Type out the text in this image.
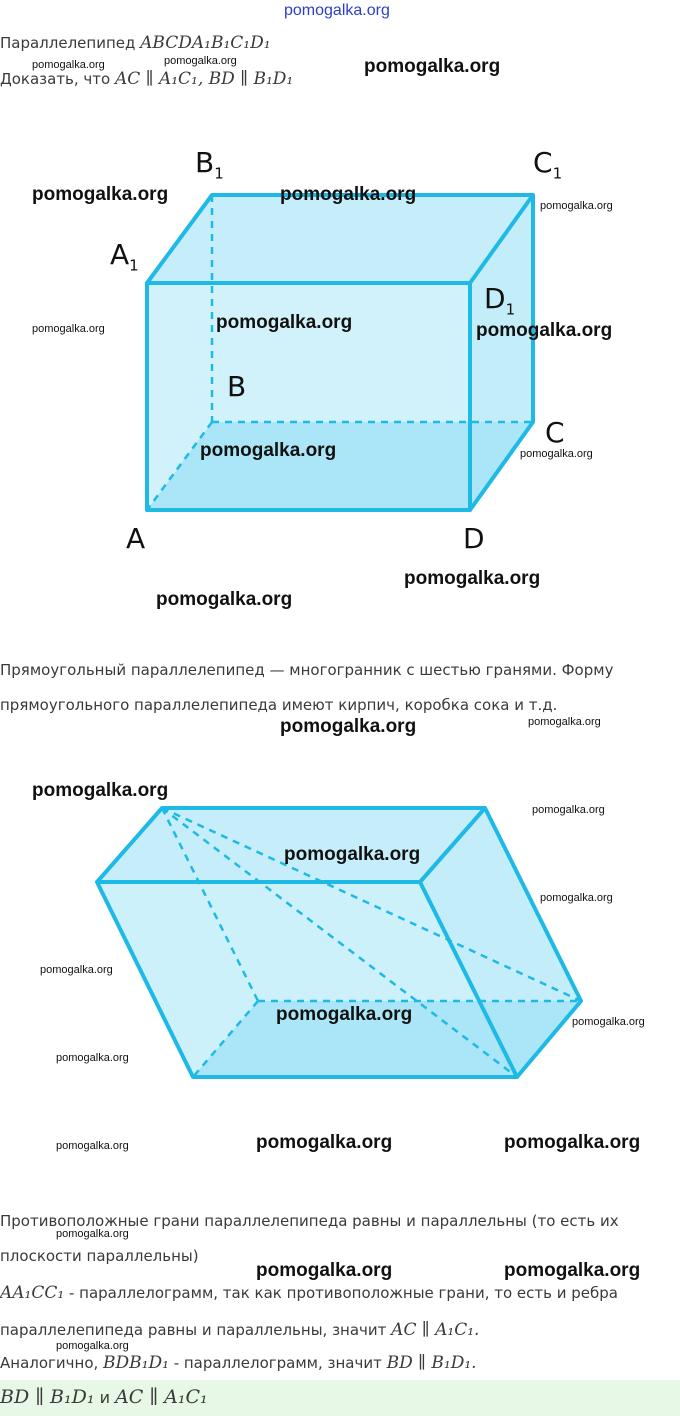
pomogalka.org
Параллелепипед ABCDA₁B₁C₁D₁
Доказать, что AC ∥ A₁C₁, BD ∥ B₁D₁
A
B
C
D
$A_1$
$B_1$	$C_1$
$D_1$
Прямоугольный параллелепипед — многогранник с шестью гранями. Форму
прямоугольного параллелепипеда имеют кирпич, коробка сока и т.д.
Противоположные грани параллелепипеда равны и параллельны (то есть их
плоскости параллельны)
AA₁CC₁ - параллелограмм, так как противоположные грани, то есть и ребра
параллелепипеда равны и параллельны, значит AC ∥ A₁C₁.
Аналогично, BDB₁D₁ - параллелограмм, значит BD ∥ B₁D₁.
BD ∥ B₁D₁ и AC ∥ A₁C₁
pomogalka.org	pomogalka.org	pomogalka.org
pomogalka.org	pomogalka.org
pomogalka.org
pomogalka.org	pomogalka.org	pomogalka.org
pomogalka.org	pomogalka.org
pomogalka.org
pomogalka.org
pomogalka.org	pomogalka.org
pomogalka.org
pomogalka.org
pomogalka.org
pomogalka.org
pomogalka.org
pomogalka.org	pomogalka.org
pomogalka.org
pomogalka.org	pomogalka.org	pomogalka.org
pomogalka.org
pomogalka.org	pomogalka.org
pomogalka.org
